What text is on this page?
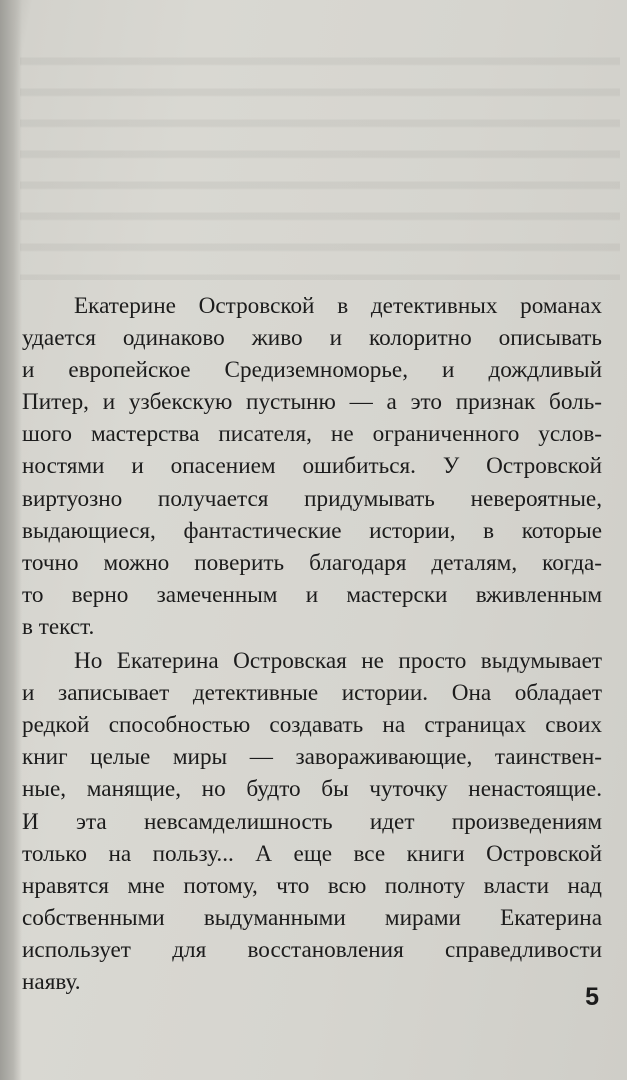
Екатерине Островской в детективных романах
удается одинаково живо и колоритно описывать
и европейское Средиземноморье, и дождливый
Питер, и узбекскую пустыню — а это признак боль-
шого мастерства писателя, не ограниченного услов-
ностями и опасением ошибиться. У Островской
виртуозно получается придумывать невероятные,
выдающиеся, фантастические истории, в которые
точно можно поверить благодаря деталям, когда-
то верно замеченным и мастерски вживленным
в текст.

Но Екатерина Островская не просто выдумывает
и записывает детективные истории. Она обладает
редкой способностью создавать на страницах своих
книг целые миры — завораживающие, таинствен-
ные, манящие, но будто бы чуточку ненастоящие.
И эта невсамделишность идет произведениям
только на пользу... А еще все книги Островской
нравятся мне потому, что всю полноту власти над
собственными выдуманными мирами Екатерина
использует для восстановления справедливости
наяву.

5
